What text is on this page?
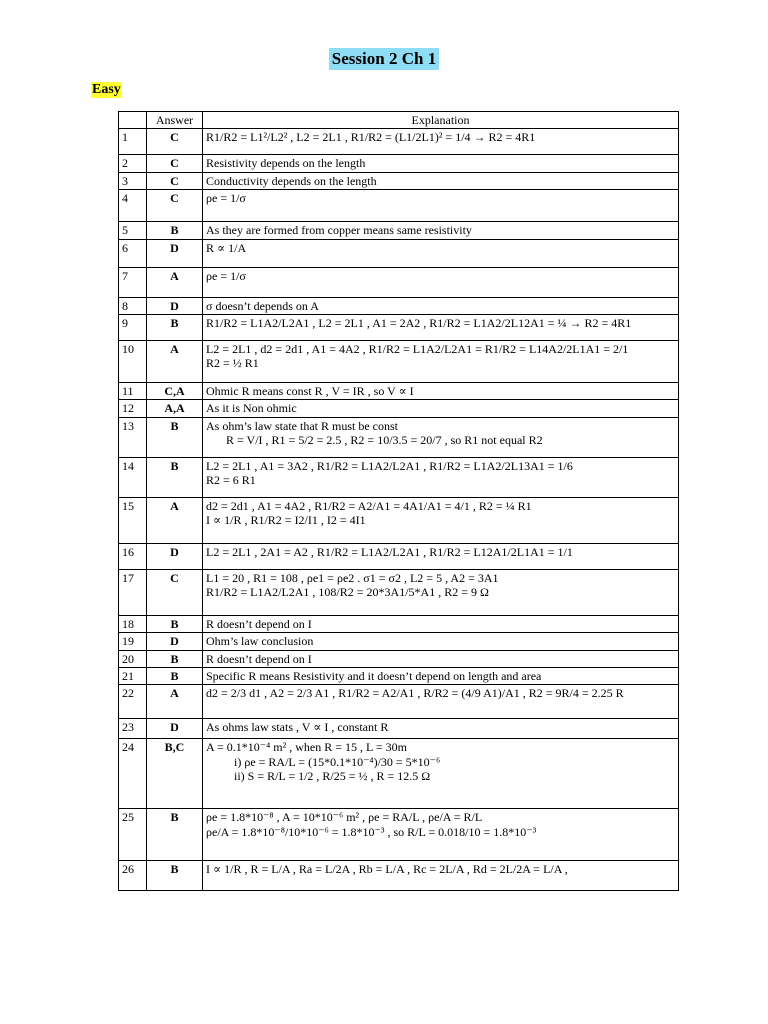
Session 2 Ch 1
Easy
	Answer	Explanation
1	C	R1/R2 = L1²/L2² , L2 = 2L1 , R1/R2 = (L1/2L1)² = 1/4 → R2 = 4R1

2	C	Resistivity depends on the length

3	C	Conductivity depends on the length

4	C	ρe = 1/σ

5	B	As they are formed from copper means same resistivity

6	D	R ∝ 1/A

7	A	ρe = 1/σ

8	D	σ doesn’t depends on A

9	B	R1/R2 = L1A2/L2A1 , L2 = 2L1 , A1 = 2A2 , R1/R2 = L1A2/2L12A1 = ¼ → R2 = 4R1

10	A	L2 = 2L1 , d2 = 2d1 , A1 = 4A2 , R1/R2 = L1A2/L2A1 = R1/R2 = L14A2/2L1A1 = 2/1
R2 = ½ R1

11	C,A	Ohmic R means const R , V = IR , so V ∝ I

12	A,A	As it is Non ohmic

13	B	As ohm’s law state that R must be const
R = V/I , R1 = 5/2 = 2.5 , R2 = 10/3.5 = 20/7 , so R1 not equal R2

14	B	L2 = 2L1 , A1 = 3A2 , R1/R2 = L1A2/L2A1 , R1/R2 = L1A2/2L13A1 = 1/6
R2 = 6 R1

15	A	d2 = 2d1 , A1 = 4A2 , R1/R2 = A2/A1 = 4A1/A1 = 4/1 , R2 = ¼ R1
I ∝ 1/R , R1/R2 = I2/I1 , I2 = 4I1

16	D	L2 = 2L1 , 2A1 = A2 , R1/R2 = L1A2/L2A1 , R1/R2 = L12A1/2L1A1 = 1/1

17	C	L1 = 20 , R1 = 108 , ρe1 = ρe2 . σ1 = σ2 , L2 = 5 , A2 = 3A1
R1/R2 = L1A2/L2A1 , 108/R2 = 20*3A1/5*A1 , R2 = 9 Ω

18	B	R doesn’t depend on I

19	D	Ohm’s law conclusion

20	B	R doesn’t depend on I

21	B	Specific R means Resistivity and it doesn’t depend on length and area

22	A	d2 = 2/3 d1 , A2 = 2/3 A1 , R1/R2 = A2/A1 , R/R2 = (4/9 A1)/A1 , R2 = 9R/4 = 2.25 R

23	D	As ohms law stats , V ∝ I , constant R

24	B,C	A = 0.1*10⁻⁴ m² , when R = 15 , L = 30m
i) ρe = RA/L = (15*0.1*10⁻⁴)/30 = 5*10⁻⁶
ii) S = R/L = 1/2 , R/25 = ½ , R = 12.5 Ω

25	B	ρe = 1.8*10⁻⁸ , A = 10*10⁻⁶ m² , ρe = RA/L , ρe/A = R/L
ρe/A = 1.8*10⁻⁸/10*10⁻⁶ = 1.8*10⁻³ , so R/L = 0.018/10 = 1.8*10⁻³

26	B	I ∝ 1/R , R = L/A , Ra = L/2A , Rb = L/A , Rc = 2L/A , Rd = 2L/2A = L/A ,
